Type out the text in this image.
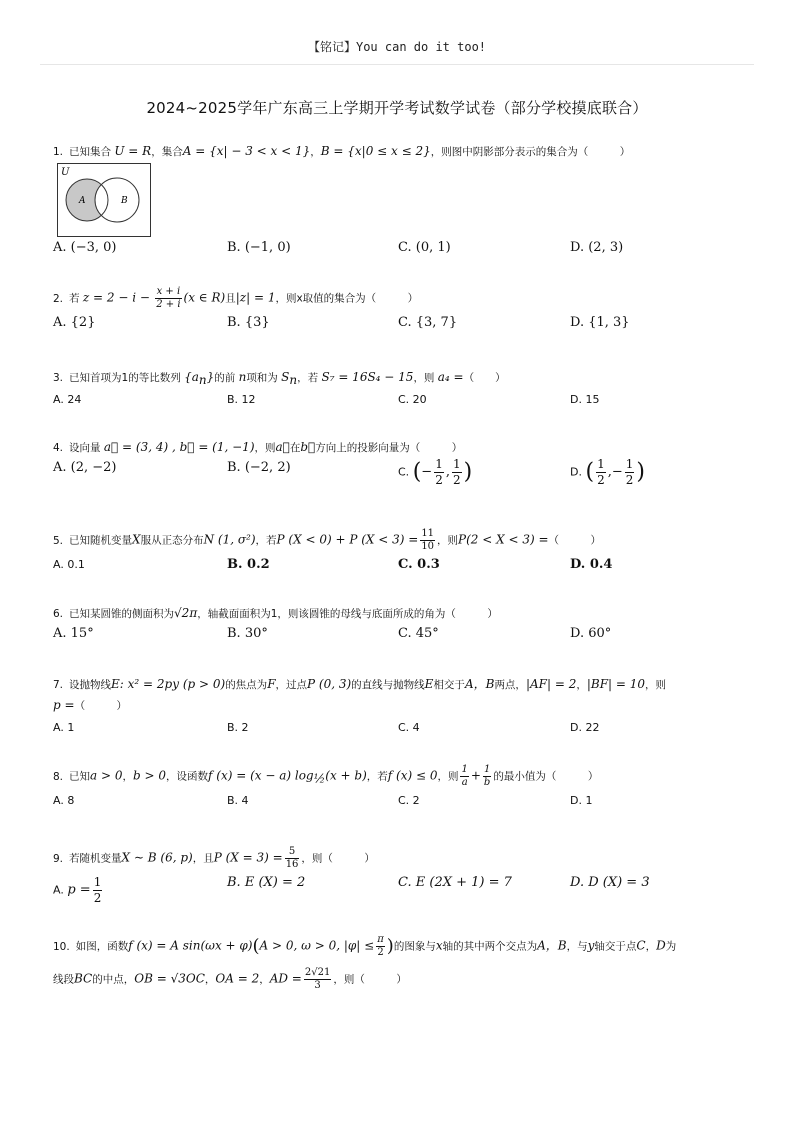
【铭记】You can do it too!
2024~2025学年广东高三上学期开学考试数学试卷（部分学校摸底联合）
1. 已知集合 U = R，集合A = {x| − 3 < x < 1}，B = {x|0 ≤ x ≤ 2}，则图中阴影部分表示的集合为（　　　）
U
A	B
A. (−3, 0)	B. (−1, 0)	C. (0, 1)	D. (2, 3)
2. 若 $z = 2 - i - \frac{x + i}{2 + i} (x$ ∈ R)且|z| = 1，则x取值的集合为（　　　）
A. {2}	B. {3}	C. {3, 7}	D. {1, 3}
3. 已知首项为1的等比数列 $\{a_n\}$的前 n项和为 $S_n$，若 S₇ = 16S₄ − 15，则 a₄ =（　　）
A. 24	B. 12	C. 20	D. 15
4. 设向量 a⃗ = (3, 4) , b⃗ = (1, −1)，则a⃗在b⃗方向上的投影向量为（　　　）
A. (2, −2)	B. (−2, 2)	C. (− $\frac{1}{2}$ , $\frac{1}{2}$ )	D. ( $\frac{1}{2}$ ,− $\frac{1}{2}$ )
5. 已知随机变量X服从正态分布N (1, σ²)，若P (X < 0) + P $(X < 3) = \frac{11}{10}$ ，则P(2 < X < 3) =（　　　）
A. 0.1	B. 0.2	C. 0.3	D. 0.4
6. 已知某圆锥的侧面积为√2π，轴截面面积为1，则该圆锥的母线与底面所成的角为（　　　）
A. 15°	B. 30°	C. 45°	D. 60°
7. 设抛物线E: x² = 2py (p > 0)的焦点为F，过点P (0, 3)的直线与抛物线E相交于A，B两点，|AF| = 2，|BF| = 10，则
p =（　　　）
A. 1	B. 2	C. 4	D. 22
8. 已知a > 0，b > 0，设函数f (x) = (x − a) $\log_{\frac{1}{2}}(x + b)$，若f (x) ≤ 0，则 $\frac{1}{a} + \frac{1}{b}$ 的最小值为（　　　）
A. 8	B. 4	C. 2	D. 1
9. 若随机变量X ∼ B (6, p)，且P $(X = 3) = \frac{5}{16}$ ，则（　　　）
A. $p = \frac{1}{2}$	B. E (X) = 2	C. E (2X + 1) = 7	D. D (X) = 3
10. 如图，函数f (x) = A sin(ωx + φ)(A > 0, ω > 0, $|\varphi| \le \frac{\pi}{2}$ )的图象与x轴的其中两个交点为A，B，与y轴交于点C，D为
线段BC的中点，OB = √3OC，OA = 2，AD = $\frac{2√21}{3}$ ，则（　　　）
